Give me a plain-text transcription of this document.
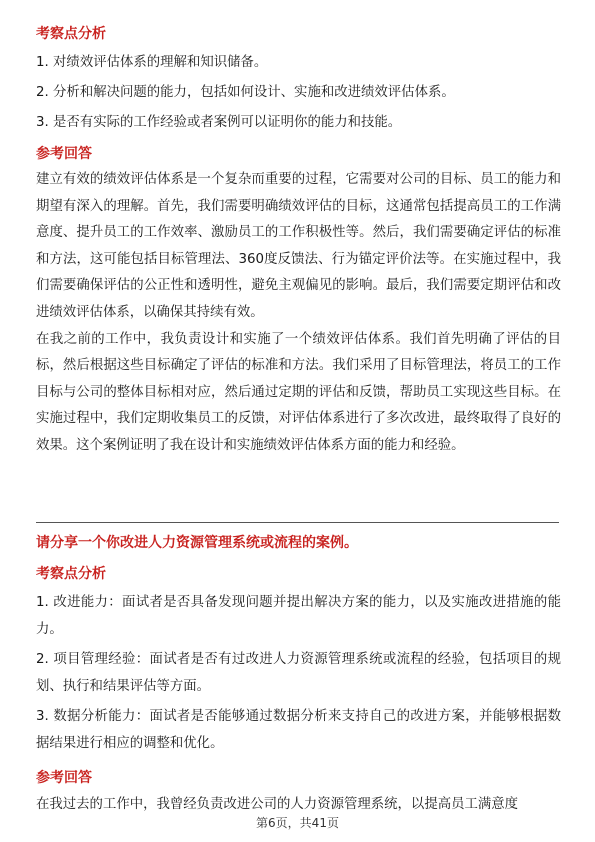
考察点分析

1. 对绩效评估体系的理解和知识储备。

2. 分析和解决问题的能力，包括如何设计、实施和改进绩效评估体系。

3. 是否有实际的工作经验或者案例可以证明你的能力和技能。

参考回答

建立有效的绩效评估体系是一个复杂而重要的过程，它需要对公司的目标、员工的能力和期望有深入的理解。首先，我们需要明确绩效评估的目标，这通常包括提高员工的工作满意度、提升员工的工作效率、激励员工的工作积极性等。然后，我们需要确定评估的标准和方法，这可能包括目标管理法、360度反馈法、行为锚定评价法等。在实施过程中，我们需要确保评估的公正性和透明性，避免主观偏见的影响。最后，我们需要定期评估和改进绩效评估体系，以确保其持续有效。

在我之前的工作中，我负责设计和实施了一个绩效评估体系。我们首先明确了评估的目标，然后根据这些目标确定了评估的标准和方法。我们采用了目标管理法，将员工的工作目标与公司的整体目标相对应，然后通过定期的评估和反馈，帮助员工实现这些目标。在实施过程中，我们定期收集员工的反馈，对评估体系进行了多次改进，最终取得了良好的效果。这个案例证明了我在设计和实施绩效评估体系方面的能力和经验。

请分享一个你改进人力资源管理系统或流程的案例。

考察点分析

1. 改进能力：面试者是否具备发现问题并提出解决方案的能力，以及实施改进措施的能力。

2. 项目管理经验：面试者是否有过改进人力资源管理系统或流程的经验，包括项目的规划、执行和结果评估等方面。

3. 数据分析能力：面试者是否能够通过数据分析来支持自己的改进方案，并能够根据数据结果进行相应的调整和优化。

参考回答

在我过去的工作中，我曾经负责改进公司的人力资源管理系统，以提高员工满意度

第6页，共41页
